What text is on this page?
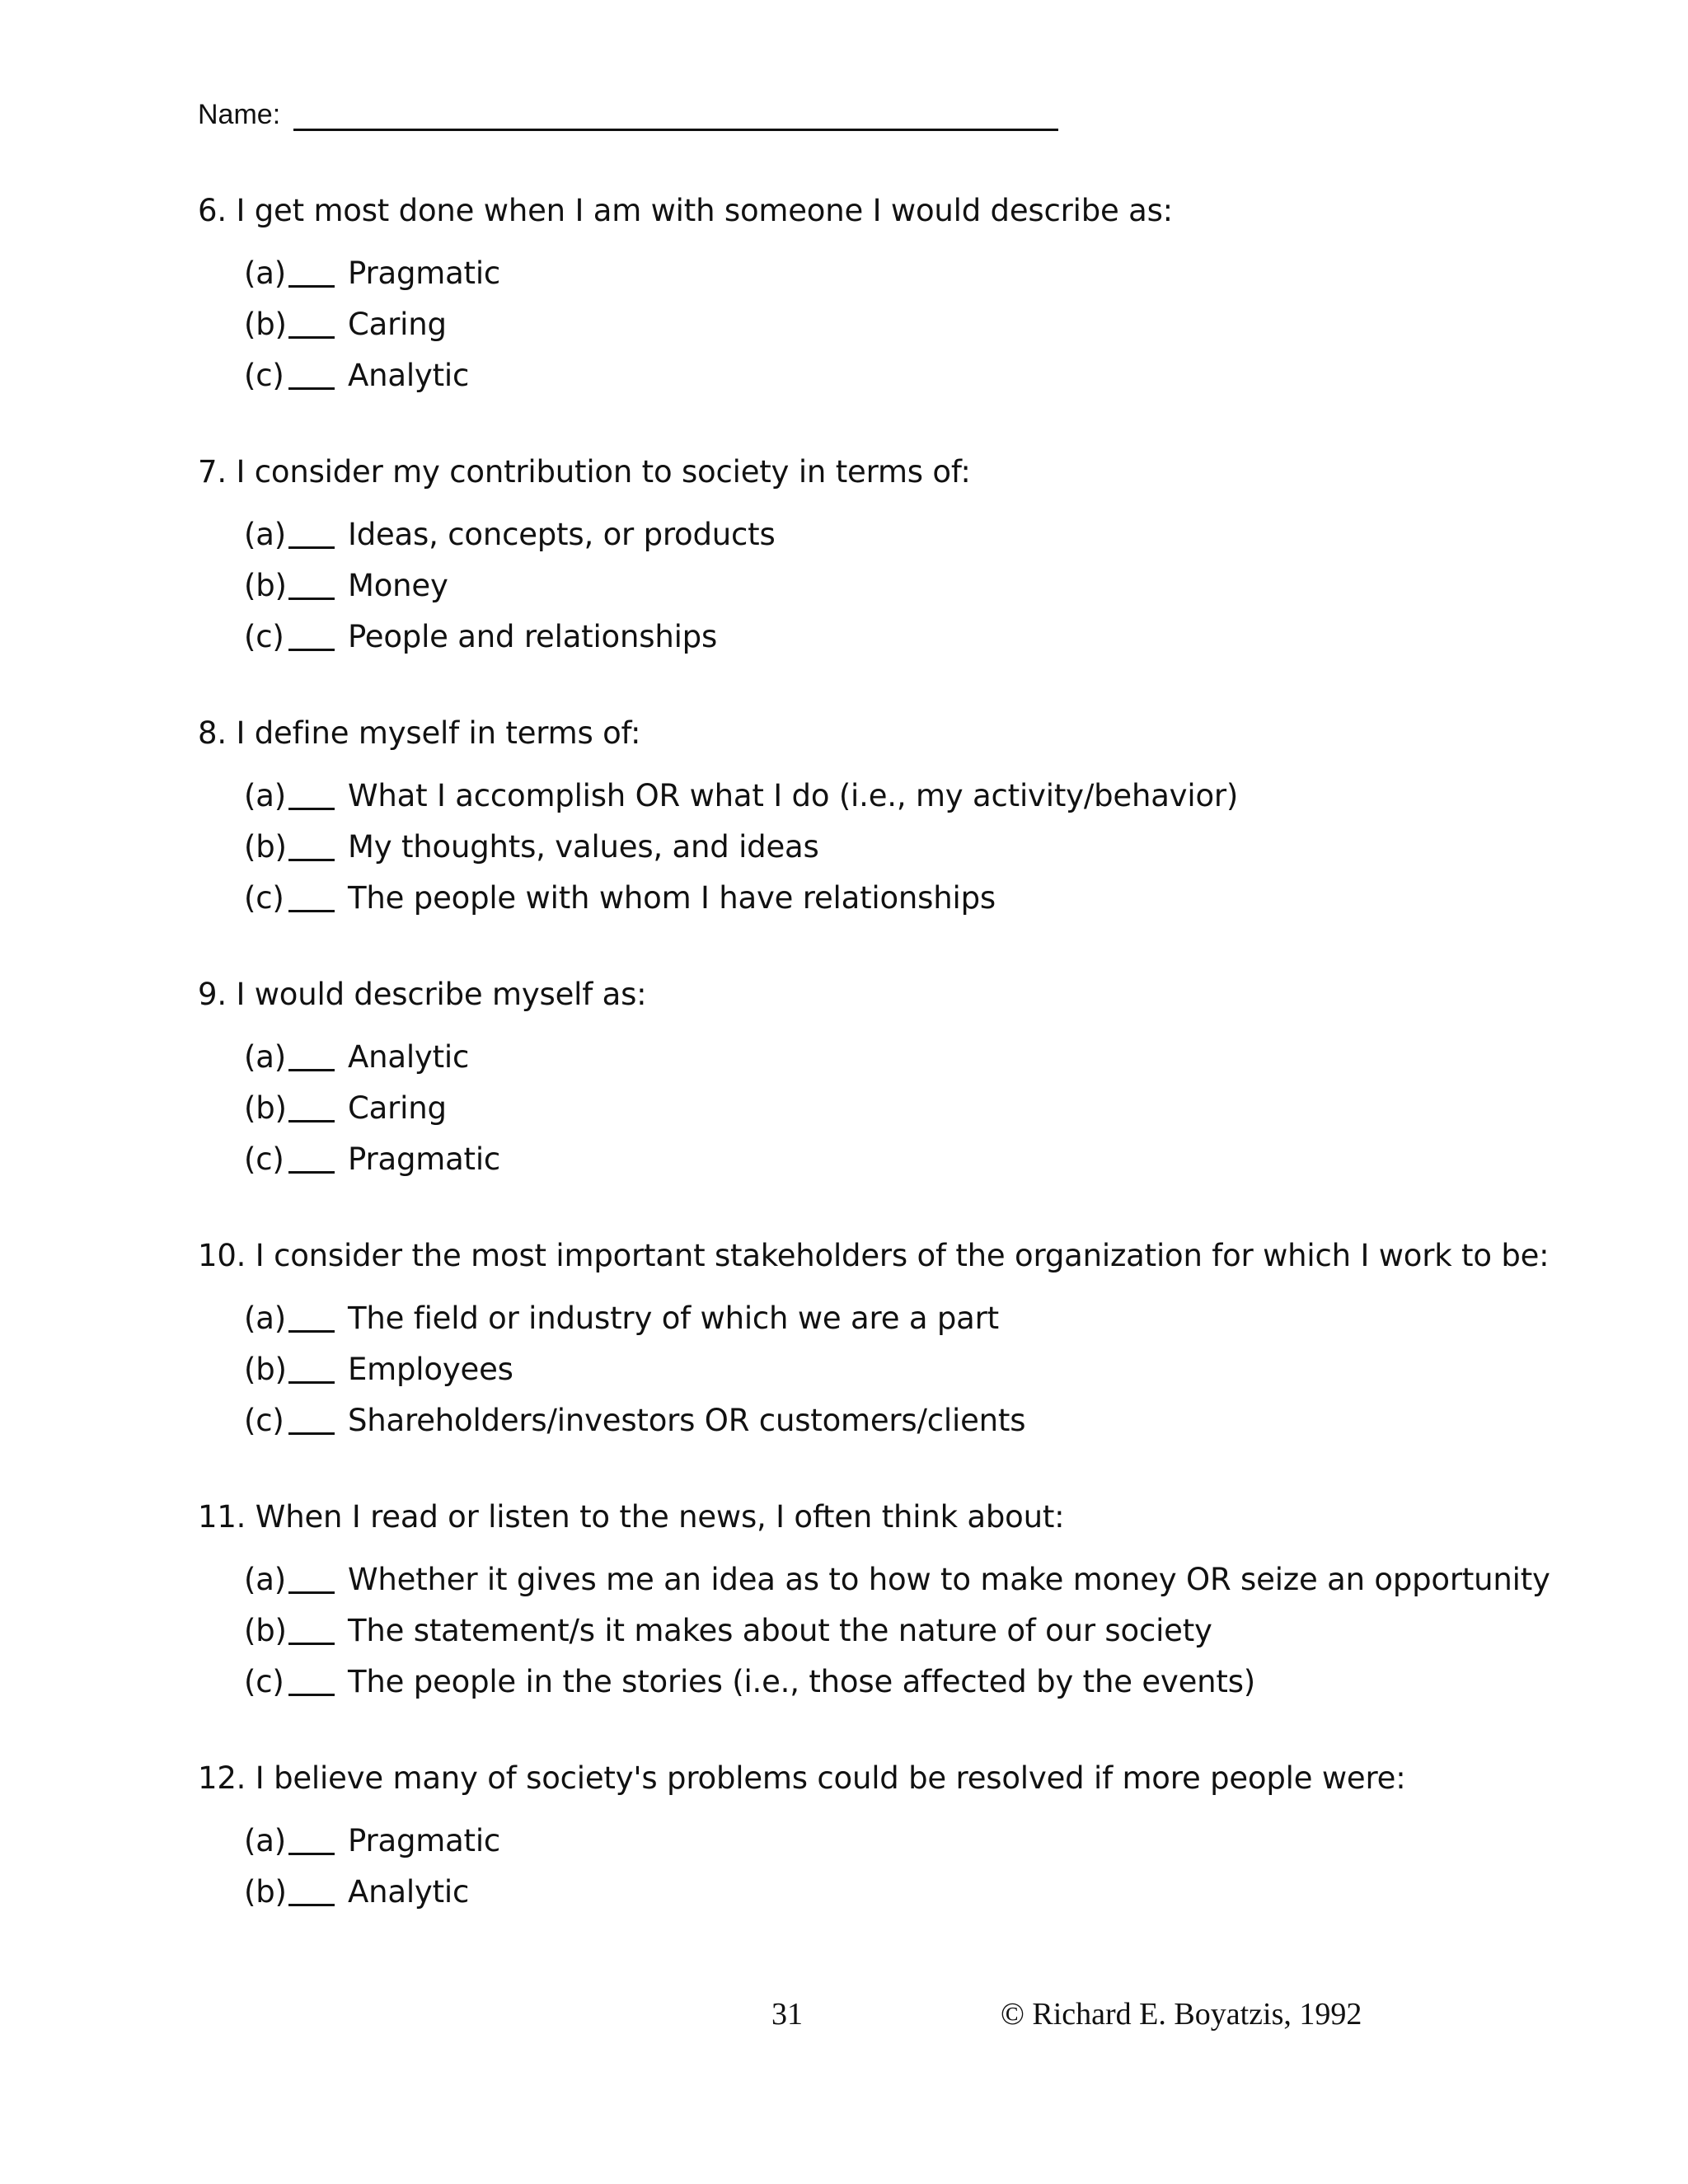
Name:
6. I get most done when I am with someone I would describe as:
(a) Pragmatic
(b) Caring
(c) Analytic
7. I consider my contribution to society in terms of:
(a) Ideas, concepts, or products
(b) Money
(c) People and relationships
8. I define myself in terms of:
(a) What I accomplish OR what I do (i.e., my activity/behavior)
(b) My thoughts, values, and ideas
(c) The people with whom I have relationships
9. I would describe myself as:
(a) Analytic
(b) Caring
(c) Pragmatic
10. I consider the most important stakeholders of the organization for which I work to be:
(a) The field or industry of which we are a part
(b) Employees
(c) Shareholders/investors OR customers/clients
11. When I read or listen to the news, I often think about:
(a) Whether it gives me an idea as to how to make money OR seize an opportunity
(b) The statement/s it makes about the nature of our society
(c) The people in the stories (i.e., those affected by the events)
12. I believe many of society's problems could be resolved if more people were:
(a) Pragmatic
(b) Analytic
31	© Richard E. Boyatzis, 1992
